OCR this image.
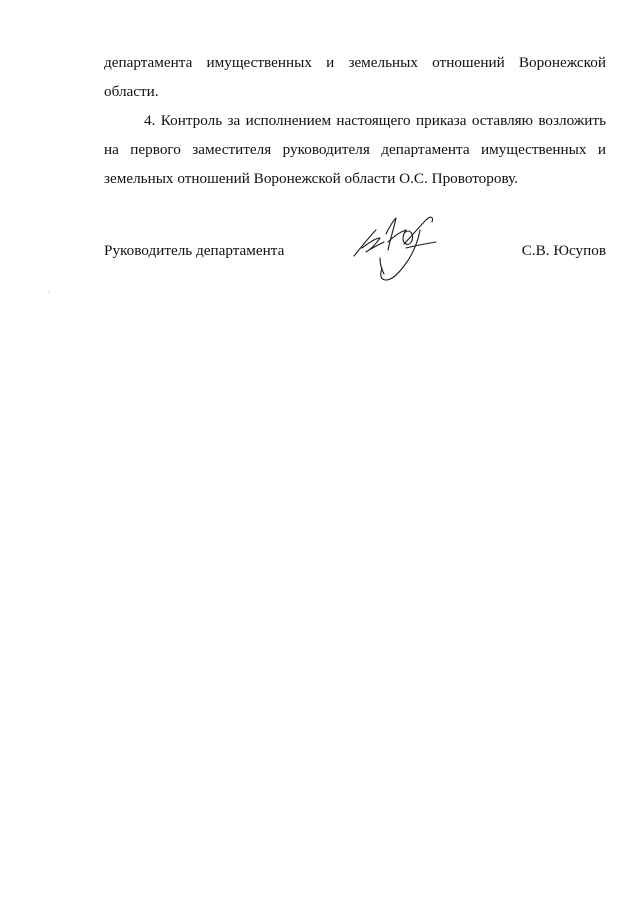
департамента имущественных и земельных отношений Воронежской
области.
4. Контроль за исполнением настоящего приказа оставляю возложить
на первого заместителя руководителя департамента имущественных и
земельных отношений Воронежской области О.С. Провоторову.
Руководитель департамента	С.В. Юсупов
